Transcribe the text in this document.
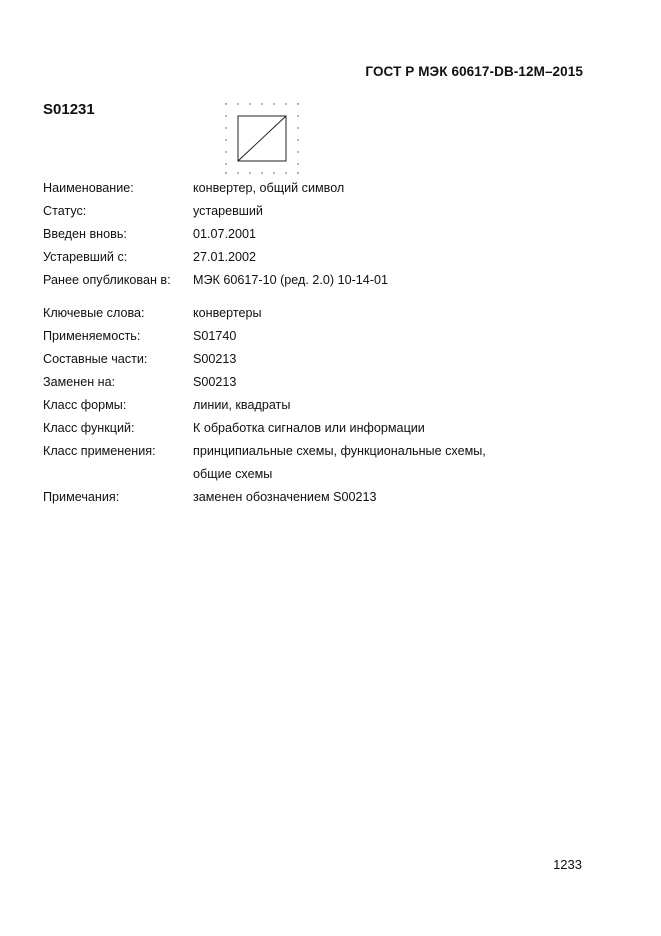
ГОСТ Р МЭК 60617-DB-12M–2015
S01231
Наименование:	конвертер, общий символ
Статус:	устаревший
Введен вновь:	01.07.2001
Устаревший с:	27.01.2002
Ранее опубликован в: МЭК 60617-10 (ред. 2.0) 10-14-01
Ключевые слова:	конвертеры
Применяемость:	S01740
Составные части:	S00213
Заменен на:	S00213
Класс формы:	линии, квадраты
Класс функций:	К обработка сигналов или информации
Класс применения:	принципиальные схемы, функциональные схемы,
общие схемы
Примечания:	заменен обозначением S00213
1233
